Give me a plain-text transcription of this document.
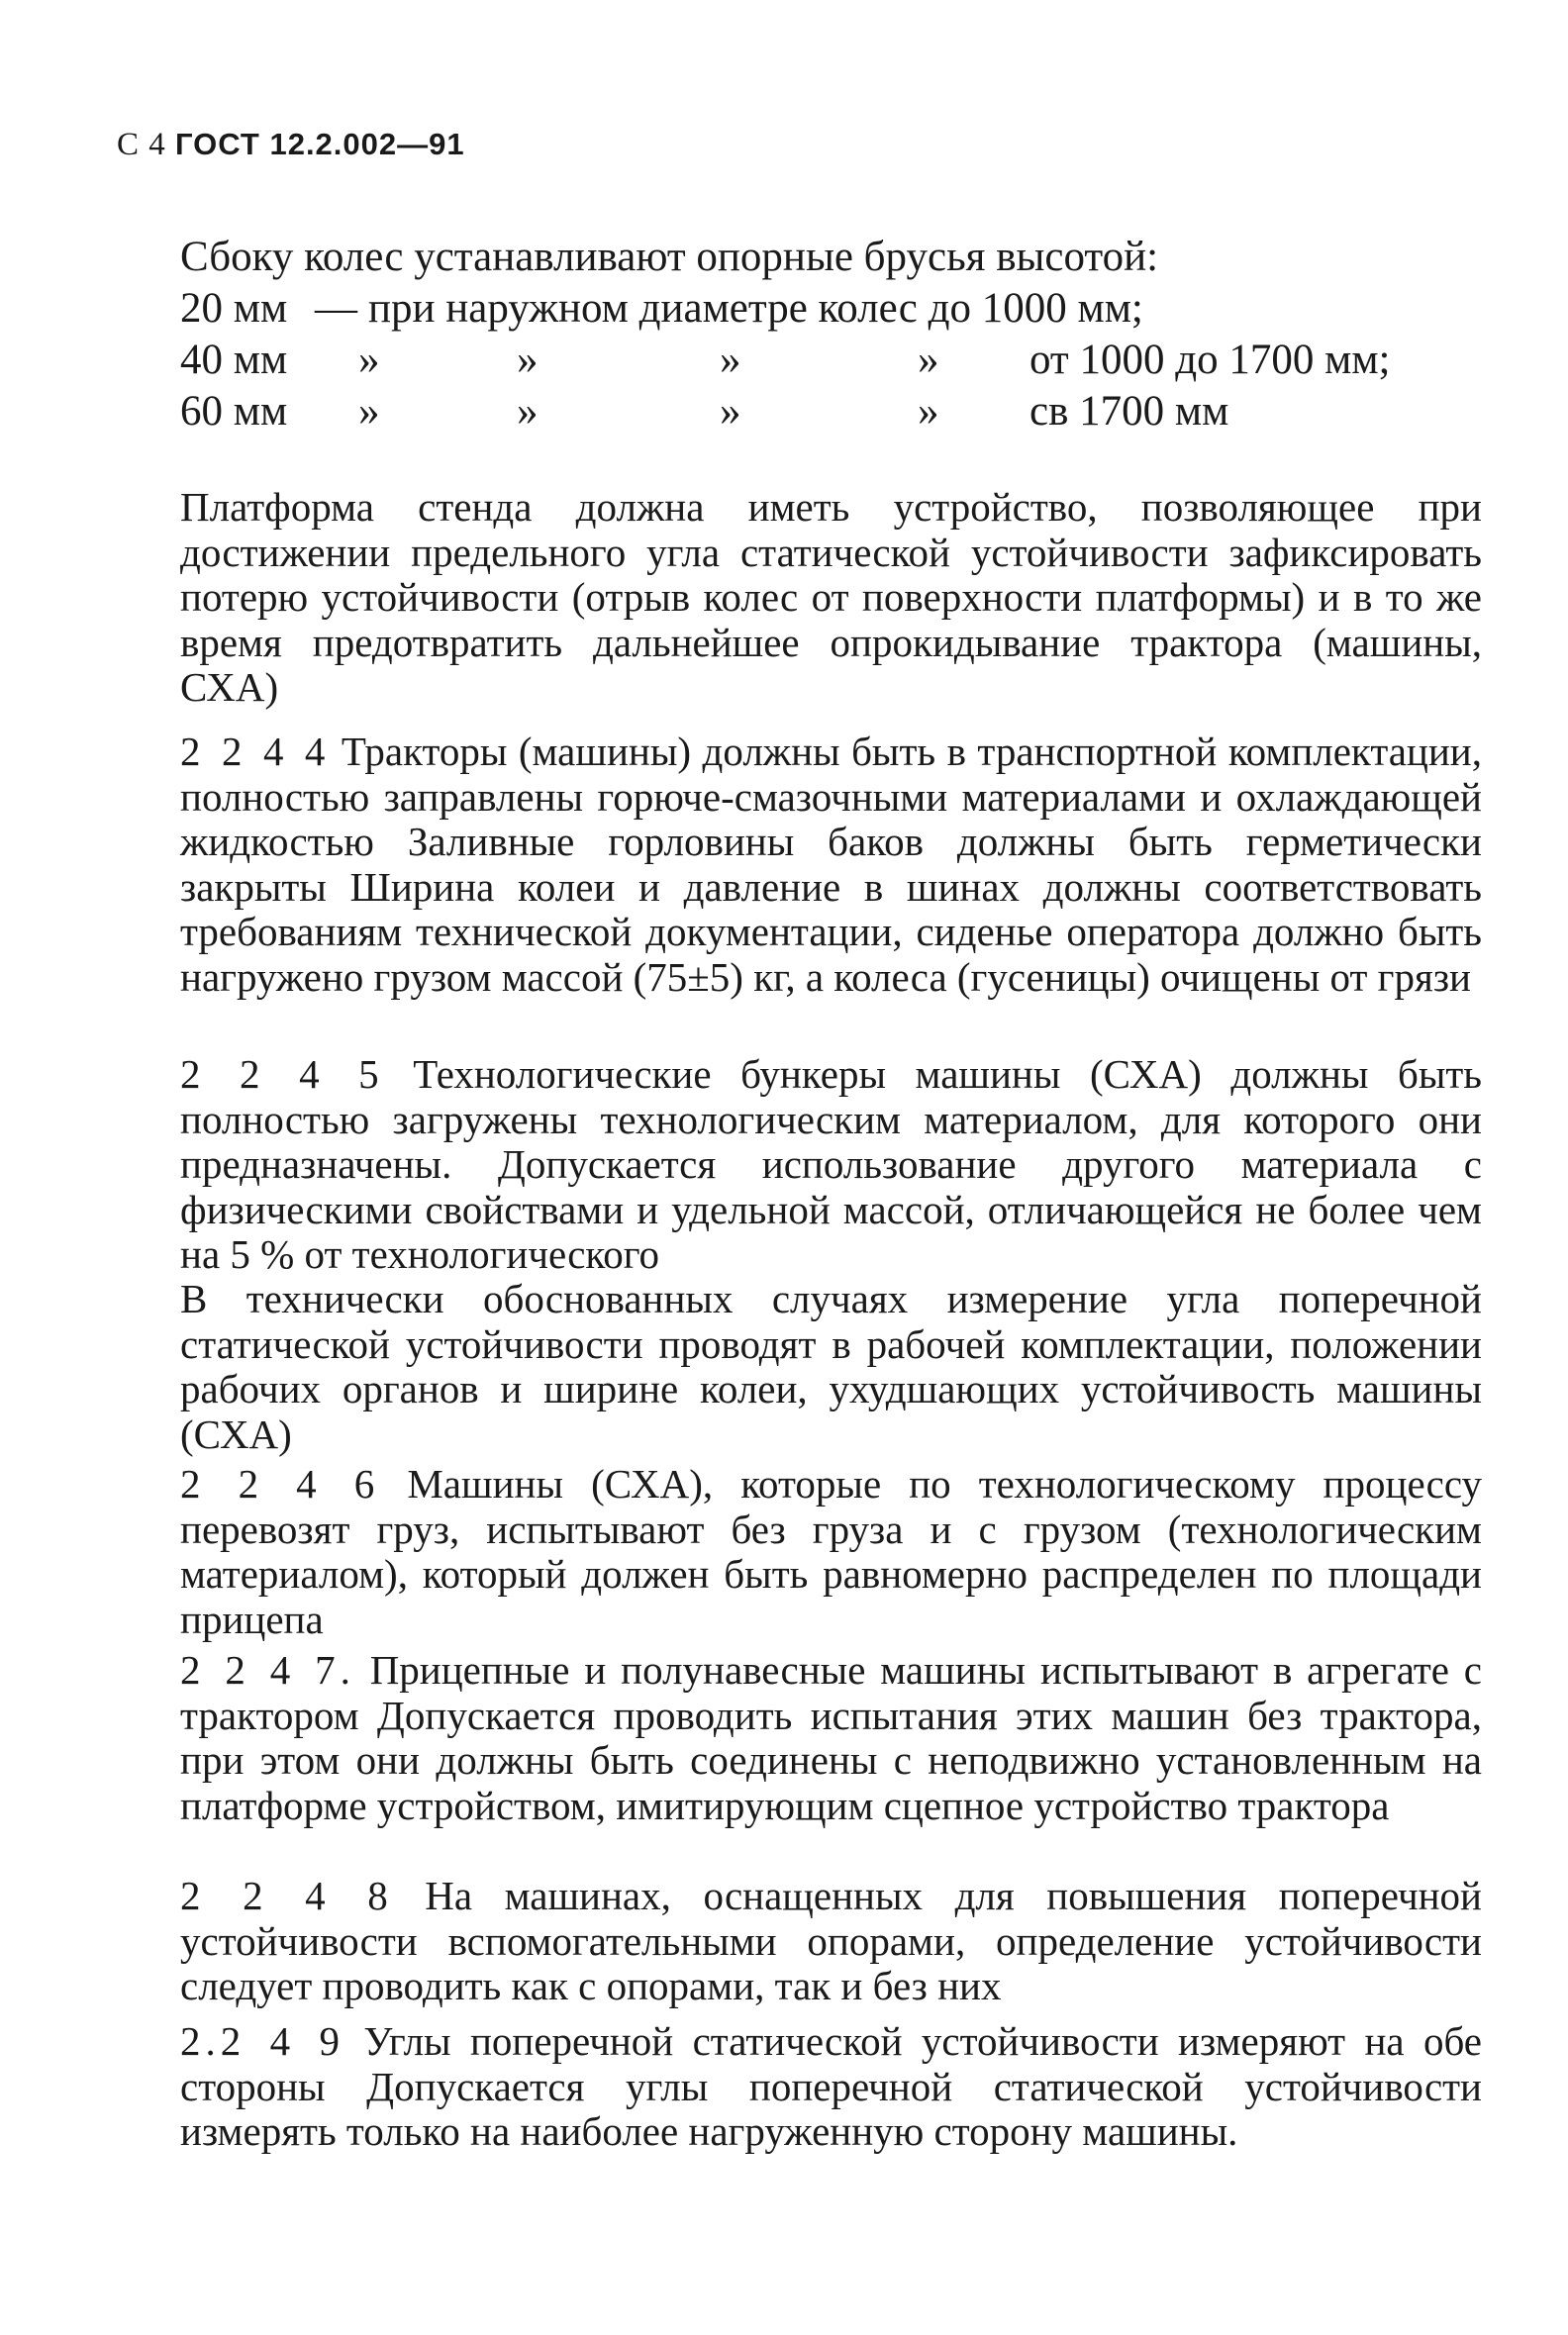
С 4 ГОСТ 12.2.002—91
Сбоку колес устанавливают опорные брусья высотой:
20 мм — при наружном диаметре колес до 1000 мм;
40 мм »	»	»	» от 1000 до 1700 мм;
60 мм »	»	»	» св 1700 мм

Платформа стенда должна иметь устройство, позволяющее при достижении предельного угла статической устойчивости зафиксировать потерю устойчивости (отрыв колес от поверхности платформы) и в то же время предотвратить дальнейшее опрокидывание трактора (машины, СХА)

2 2 4 4 Тракторы (машины) должны быть в транспортной комплектации, полностью заправлены горюче-смазочными материалами и охлаждающей жидкостью Заливные горловины баков должны быть герметически закрыты Ширина колеи и давление в шинах должны соответствовать требованиям технической документации, сиденье оператора должно быть нагружено грузом массой (75±5) кг, а колеса (гусеницы) очищены от грязи

2 2 4 5 Технологические бункеры машины (СХА) должны быть полностью загружены технологическим материалом, для которого они предназначены. Допускается использование другого материала с физическими свойствами и удельной массой, отличающейся не более чем на 5 % от технологического

В технически обоснованных случаях измерение угла поперечной статической устойчивости проводят в рабочей комплектации, положении рабочих органов и ширине колеи, ухудшающих устойчивость машины (СХА)

2 2 4 6 Машины (СХА), которые по технологическому процессу перевозят груз, испытывают без груза и с грузом (технологическим материалом), который должен быть равномерно распределен по площади прицепа

2 2 4 7. Прицепные и полунавесные машины испытывают в агрегате с трактором Допускается проводить испытания этих машин без трактора, при этом они должны быть соединены с неподвижно установленным на платформе устройством, имитирующим сцепное устройство трактора

2 2 4 8 На машинах, оснащенных для повышения поперечной устойчивости вспомогательными опорами, определение устойчивости следует проводить как с опорами, так и без них

2.2 4 9 Углы поперечной статической устойчивости измеряют на обе стороны Допускается углы поперечной статической устойчивости измерять только на наиболее нагруженную сторону машины.
